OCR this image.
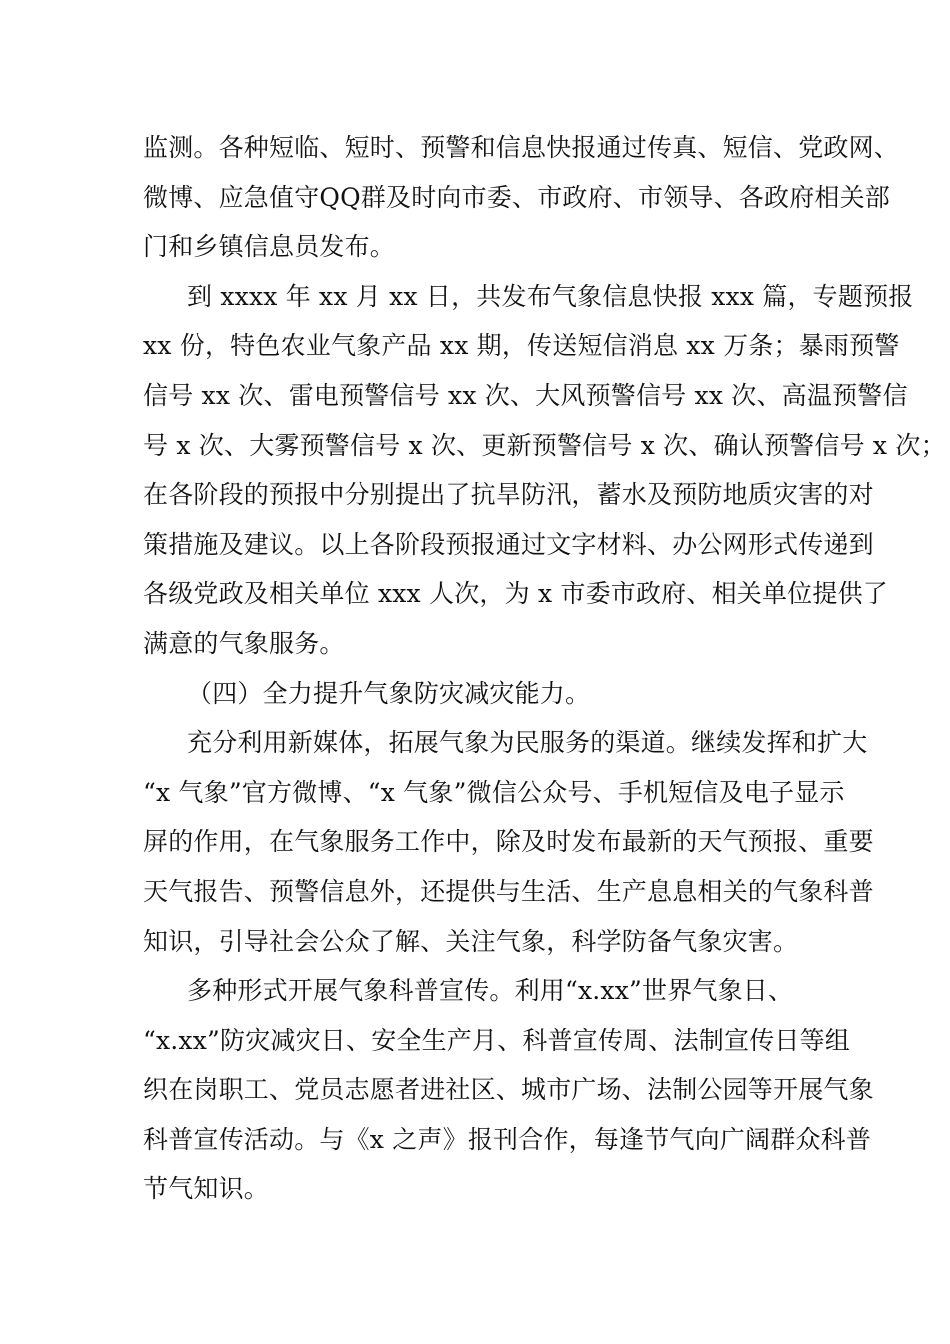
监测。各种短临、短时、预警和信息快报通过传真、短信、党政网、
微博、应急值守QQ群及时向市委、市政府、市领导、各政府相关部
门和乡镇信息员发布。
到 xxxx 年 xx 月 xx 日，共发布气象信息快报 xxx 篇，专题预报
xx 份，特色农业气象产品 xx 期，传送短信消息 xx 万条；暴雨预警
信号 xx 次、雷电预警信号 xx 次、大风预警信号 xx 次、高温预警信
号 x 次、大雾预警信号 x 次、更新预警信号 x 次、确认预警信号 x 次；
在各阶段的预报中分别提出了抗旱防汛，蓄水及预防地质灾害的对
策措施及建议。以上各阶段预报通过文字材料、办公网形式传递到
各级党政及相关单位 xxx 人次，为 x 市委市政府、相关单位提供了
满意的气象服务。
（四）全力提升气象防灾减灾能力。
充分利用新媒体，拓展气象为民服务的渠道。继续发挥和扩大
“x 气象”官方微博、“x 气象”微信公众号、手机短信及电子显示
屏的作用，在气象服务工作中，除及时发布最新的天气预报、重要
天气报告、预警信息外，还提供与生活、生产息息相关的气象科普
知识，引导社会公众了解、关注气象，科学防备气象灾害。
多种形式开展气象科普宣传。利用“x.xx”世界气象日、
“x.xx”防灾减灾日、安全生产月、科普宣传周、法制宣传日等组
织在岗职工、党员志愿者进社区、城市广场、法制公园等开展气象
科普宣传活动。与《x 之声》报刊合作，每逢节气向广阔群众科普
节气知识。
